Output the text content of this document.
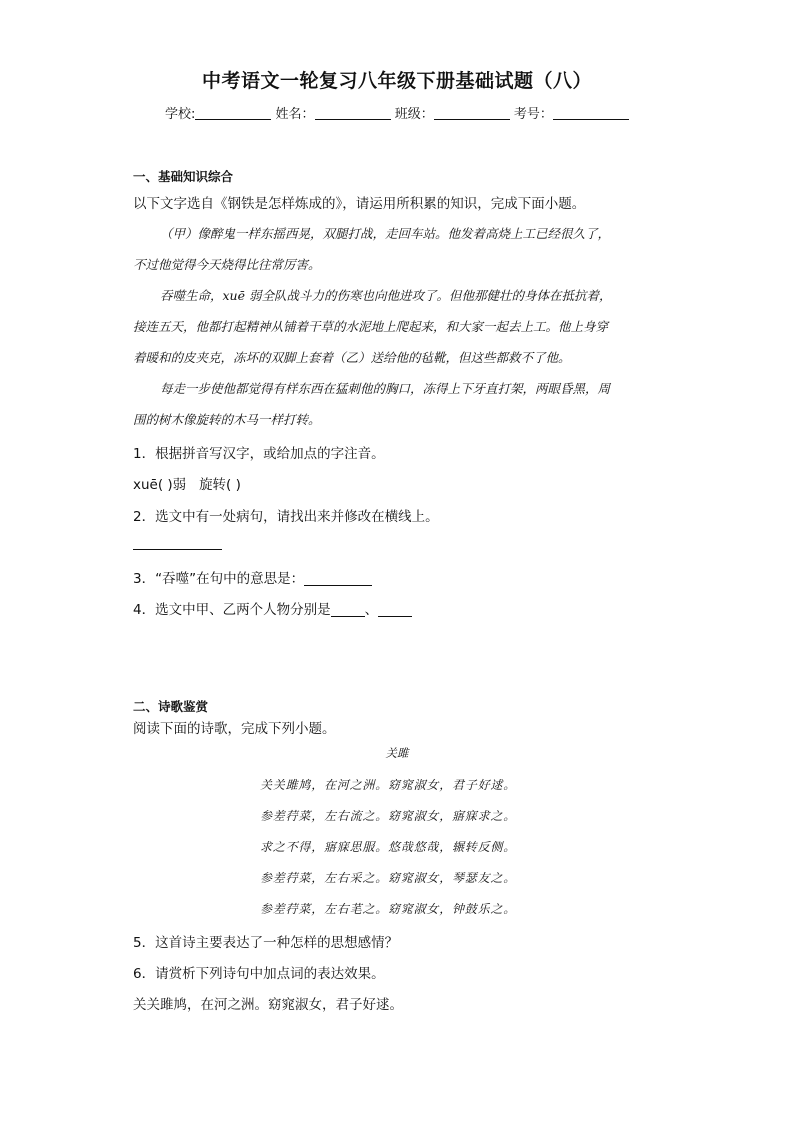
中考语文一轮复习八年级下册基础试题（八）
学校:	姓名：	班级：	考号：
一、基础知识综合
以下文字选自《钢铁是怎样炼成的》，请运用所积累的知识，完成下面小题。
（甲）像醉鬼一样东摇西晃，双腿打战，走回车站。他发着高烧上工已经很久了，
不过他觉得今天烧得比往常厉害。
吞噬生命，xuē 弱全队战斗力的伤寒也向他进攻了。但他那健壮的身体在抵抗着，
接连五天，他都打起精神从铺着干草的水泥地上爬起来，和大家一起去上工。他上身穿
着暖和的皮夹克，冻坏的双脚上套着（乙）送给他的毡靴，但这些都救不了他。
每走一步使他都觉得有样东西在猛刺他的胸口，冻得上下牙直打架，两眼昏黑，周
围的树木像旋转的木马一样打转。
1．根据拼音写汉字，或给加点的字注音。
xuē( )弱 旋转( )
2．选文中有一处病句，请找出来并修改在横线上。
3．“吞噬”在句中的意思是：
4．选文中甲、乙两个人物分别是	、
二、诗歌鉴赏
阅读下面的诗歌，完成下列小题。
关雎
关关雎鸠，在河之洲。窈窕淑女，君子好逑。
参差荇菜，左右流之。窈窕淑女，寤寐求之。
求之不得，寤寐思服。悠哉悠哉，辗转反侧。
参差荇菜，左右采之。窈窕淑女，琴瑟友之。
参差荇菜，左右芼之。窈窕淑女，钟鼓乐之。
5．这首诗主要表达了一种怎样的思想感情？
6．请赏析下列诗句中加点词的表达效果。
关关雎鸠，在河之洲。窈窕淑女，君子好逑。
